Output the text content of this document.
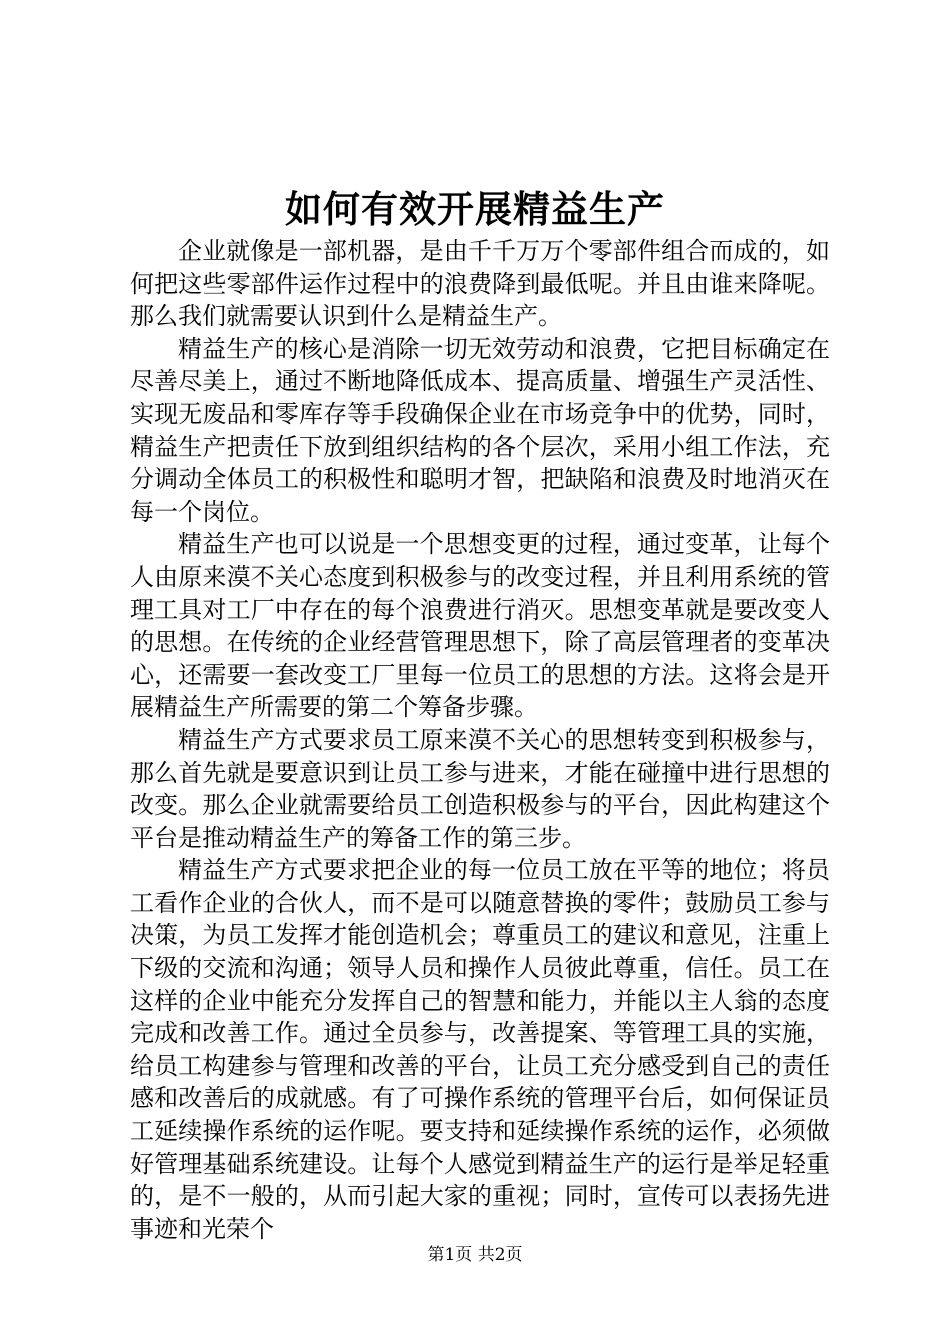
如何有效开展精益生产

企业就像是一部机器，是由千千万万个零部件组合而成的，如何把这些零部件运作过程中的浪费降到最低呢。并且由谁来降呢。那么我们就需要认识到什么是精益生产。

精益生产的核心是消除一切无效劳动和浪费，它把目标确定在尽善尽美上，通过不断地降低成本、提高质量、增强生产灵活性、实现无废品和零库存等手段确保企业在市场竞争中的优势，同时，精益生产把责任下放到组织结构的各个层次，采用小组工作法，充分调动全体员工的积极性和聪明才智，把缺陷和浪费及时地消灭在每一个岗位。

精益生产也可以说是一个思想变更的过程，通过变革，让每个人由原来漠不关心态度到积极参与的改变过程，并且利用系统的管理工具对工厂中存在的每个浪费进行消灭。思想变革就是要改变人的思想。在传统的企业经营管理思想下，除了高层管理者的变革决心，还需要一套改变工厂里每一位员工的思想的方法。这将会是开展精益生产所需要的第二个筹备步骤。

精益生产方式要求员工原来漠不关心的思想转变到积极参与，那么首先就是要意识到让员工参与进来，才能在碰撞中进行思想的改变。那么企业就需要给员工创造积极参与的平台，因此构建这个平台是推动精益生产的筹备工作的第三步。

精益生产方式要求把企业的每一位员工放在平等的地位；将员工看作企业的合伙人，而不是可以随意替换的零件；鼓励员工参与决策，为员工发挥才能创造机会；尊重员工的建议和意见，注重上下级的交流和沟通；领导人员和操作人员彼此尊重，信任。员工在这样的企业中能充分发挥自己的智慧和能力，并能以主人翁的态度完成和改善工作。通过全员参与，改善提案、等管理工具的实施，给员工构建参与管理和改善的平台，让员工充分感受到自己的责任感和改善后的成就感。有了可操作系统的管理平台后，如何保证员工延续操作系统的运作呢。要支持和延续操作系统的运作，必须做好管理基础系统建设。让每个人感觉到精益生产的运行是举足轻重的，是不一般的，从而引起大家的重视；同时，宣传可以表扬先进事迹和光荣个

第1页 共2页
